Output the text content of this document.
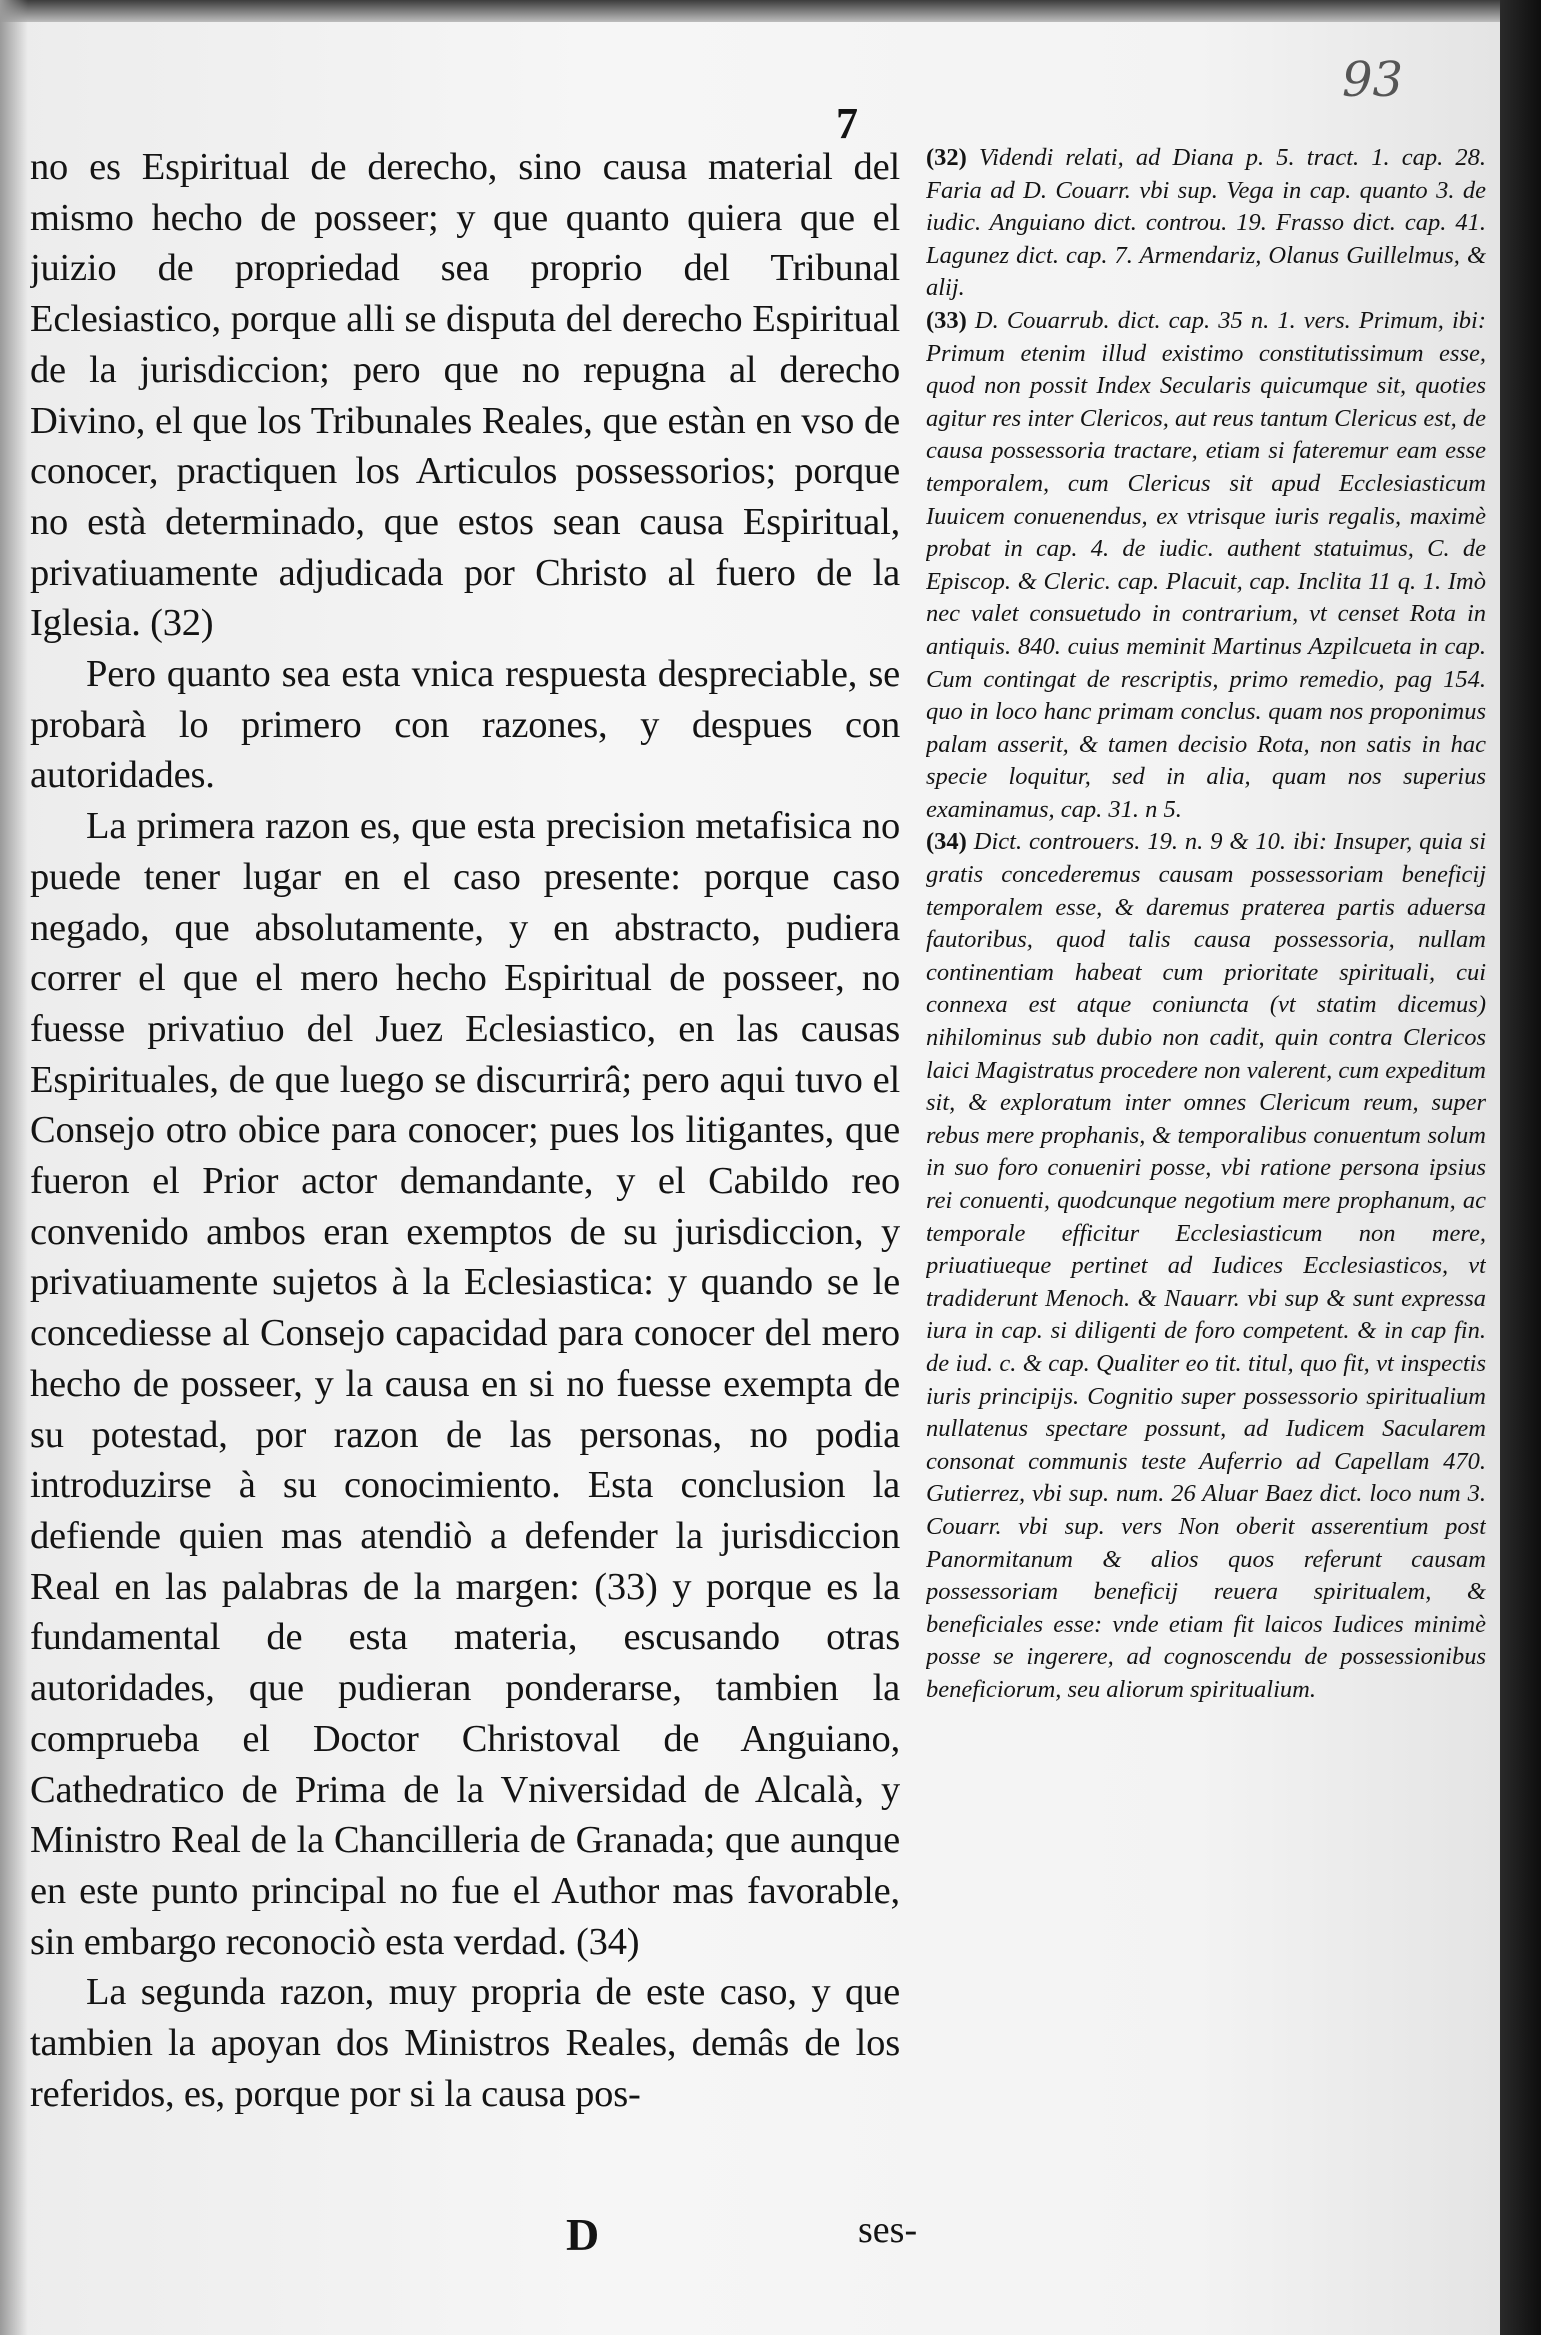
7
93

no es Espiritual de derecho, sino causa material del mismo hecho de posseer; y que quanto quiera que el juizio de propriedad sea proprio del Tribunal Eclesiastico, porque alli se disputa del derecho Espiritual de la jurisdiccion; pero que no repugna al derecho Divino, el que los Tribunales Reales, que estàn en vso de conocer, practiquen los Articulos possessorios; porque no està determinado, que estos sean causa Espiritual, privatiuamente adjudicada por Christo al fuero de la Iglesia. (32)

Pero quanto sea esta vnica respuesta despreciable, se probarà lo primero con razones, y despues con autoridades.

La primera razon es, que esta precision metafisica no puede tener lugar en el caso presente: porque caso negado, que absolutamente, y en abstracto, pudiera correr el que el mero hecho Espiritual de posseer, no fuesse privatiuo del Juez Eclesiastico, en las causas Espirituales, de que luego se discurrirâ; pero aqui tuvo el Consejo otro obice para conocer; pues los litigantes, que fueron el Prior actor demandante, y el Cabildo reo convenido ambos eran exemptos de su jurisdiccion, y privatiuamente sujetos à la Eclesiastica: y quando se le concediesse al Consejo capacidad para conocer del mero hecho de posseer, y la causa en si no fuesse exempta de su potestad, por razon de las personas, no podia introduzirse à su conocimiento. Esta conclusion la defiende quien mas atendiò a defender la jurisdiccion Real en las palabras de la margen: (33) y porque es la fundamental de esta materia, escusando otras autoridades, que pudieran ponderarse, tambien la comprueba el Doctor Christoval de Anguiano, Cathedratico de Prima de la Vniversidad de Alcalà, y Ministro Real de la Chancilleria de Granada; que aunque en este punto principal no fue el Author mas favorable, sin embargo reconociò esta verdad. (34)

La segunda razon, muy propria de este caso, y que tambien la apoyan dos Ministros Reales, demâs de los referidos, es, porque por si la causa pos-

(32) Videndi relati, ad Diana p. 5. tract. 1. cap. 28. Faria ad D. Couarr. vbi sup. Vega in cap. quanto 3. de iudic. Anguiano dict. controu. 19. Frasso dict. cap. 41. Lagunez dict. cap. 7. Armendariz, Olanus Guillelmus, & alij.

(33) D. Couarrub. dict. cap. 35 n. 1. vers. Primum, ibi: Primum etenim illud existimo constitutissimum esse, quod non possit Index Secularis quicumque sit, quoties agitur res inter Clericos, aut reus tantum Clericus est, de causa possessoria tractare, etiam si fateremur eam esse temporalem, cum Clericus sit apud Ecclesiasticum Iuuicem conuenendus, ex vtrisque iuris regalis, maximè probat in cap. 4. de iudic. authent statuimus, C. de Episcop. & Cleric. cap. Placuit, cap. Inclita 11 q. 1. Imò nec valet consuetudo in contrarium, vt censet Rota in antiquis. 840. cuius meminit Martinus Azpilcueta in cap. Cum contingat de rescriptis, primo remedio, pag 154. quo in loco hanc primam conclus. quam nos proponimus palam asserit, & tamen decisio Rota, non satis in hac specie loquitur, sed in alia, quam nos superius examinamus, cap. 31. n 5.

(34) Dict. controuers. 19. n. 9 & 10. ibi: Insuper, quia si gratis concederemus causam possessoriam beneficij temporalem esse, & daremus praterea partis aduersa fautoribus, quod talis causa possessoria, nullam continentiam habeat cum prioritate spirituali, cui connexa est atque coniuncta (vt statim dicemus) nihilominus sub dubio non cadit, quin contra Clericos laici Magistratus procedere non valerent, cum expeditum sit, & exploratum inter omnes Clericum reum, super rebus mere prophanis, & temporalibus conuentum solum in suo foro conueniri posse, vbi ratione persona ipsius rei conuenti, quodcunque negotium mere prophanum, ac temporale efficitur Ecclesiasticum non mere, priuatiueque pertinet ad Iudices Ecclesiasticos, vt tradiderunt Menoch. & Nauarr. vbi sup & sunt expressa iura in cap. si diligenti de foro competent. & in cap fin. de iud. c. & cap. Qualiter eo tit. titul, quo fit, vt inspectis iuris principijs. Cognitio super possessorio spiritualium nullatenus spectare possunt, ad Iudicem Sacularem consonat communis teste Auferrio ad Capellam 470. Gutierrez, vbi sup. num. 26 Aluar Baez dict. loco num 3. Couarr. vbi sup. vers Non oberit asserentium post Panormitanum & alios quos referunt causam possessoriam beneficij reuera spiritualem, & beneficiales esse: vnde etiam fit laicos Iudices minimè posse se ingerere, ad cognoscendu de possessionibus beneficiorum, seu aliorum spiritualium.

D	ses-
